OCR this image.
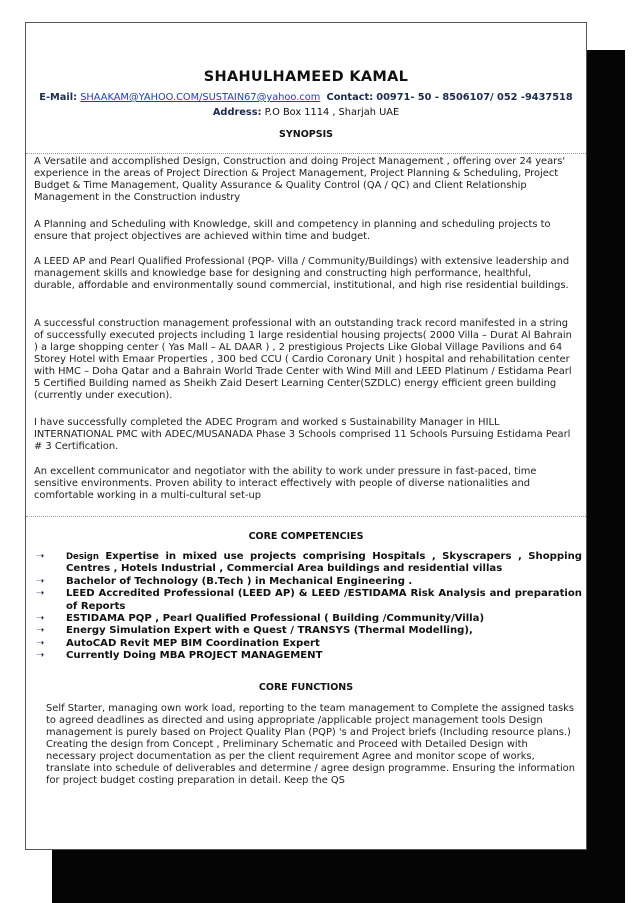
SHAHULHAMEED KAMAL
E-Mail: SHAAKAM@YAHOO.COM/SUSTAIN67@yahoo.com Contact: 00971- 50 - 8506107/ 052 -9437518
Address: P.O Box 1114 , Sharjah UAE
SYNOPSIS
A Versatile and accomplished Design, Construction and doing Project Management , offering over 24 years' experience in the areas of Project Direction & Project Management, Project Planning & Scheduling, Project Budget & Time Management, Quality Assurance & Quality Control (QA / QC) and Client Relationship Management in the Construction industry
A Planning and Scheduling with Knowledge, skill and competency in planning and scheduling projects to ensure that project objectives are achieved within time and budget.
A LEED AP and Pearl Qualified Professional (PQP- Villa / Community/Buildings) with extensive leadership and management skills and knowledge base for designing and constructing high performance, healthful, durable, affordable and environmentally sound commercial, institutional, and high rise residential buildings.
A successful construction management professional with an outstanding track record manifested in a string of successfully executed projects including 1 large residential housing projects( 2000 Villa – Durat Al Bahrain ) a large shopping center ( Yas Mall – AL DAAR ) , 2 prestigious Projects Like Global Village Pavilions and 64 Storey Hotel with Emaar Properties , 300 bed CCU ( Cardio Coronary Unit ) hospital and rehabilitation center with HMC – Doha Qatar and a Bahrain World Trade Center with Wind Mill and LEED Platinum / Estidama Pearl 5 Certified Building named as Sheikh Zaid Desert Learning Center(SZDLC) energy efficient green building (currently under execution).
I have successfully completed the ADEC Program and worked s Sustainability Manager in HILL INTERNATIONAL PMC with ADEC/MUSANADA Phase 3 Schools comprised 11 Schools Pursuing Estidama Pearl # 3 Certification.
An excellent communicator and negotiator with the ability to work under pressure in fast-paced, time sensitive environments. Proven ability to interact effectively with people of diverse nationalities and comfortable working in a multi-cultural set-up
CORE COMPETENCIES
➝	Design Expertise in mixed use projects comprising Hospitals , Skyscrapers , Shopping Centres , Hotels Industrial , Commercial Area buildings and residential villas
➝ Bachelor of Technology (B.Tech ) in Mechanical Engineering .
➝ LEED Accredited Professional (LEED AP) & LEED /ESTIDAMA Risk Analysis and preparation of Reports
➝ ESTIDAMA PQP , Pearl Qualified Professional ( Building /Community/Villa)
➝ Energy Simulation Expert with e Quest / TRANSYS (Thermal Modelling),
➝ AutoCAD Revit MEP BIM Coordination Expert
➝ Currently Doing MBA PROJECT MANAGEMENT
CORE FUNCTIONS
Self Starter, managing own work load, reporting to the team management to Complete the assigned tasks to agreed deadlines as directed and using appropriate /applicable project management tools Design management is purely based on Project Quality Plan (PQP) 's and Project briefs (Including resource plans.) Creating the design from Concept , Preliminary Schematic and Proceed with Detailed Design with necessary project documentation as per the client requirement Agree and monitor scope of works, translate into schedule of deliverables and determine / agree design programme. Ensuring the information for project budget costing preparation in detail. Keep the QS
